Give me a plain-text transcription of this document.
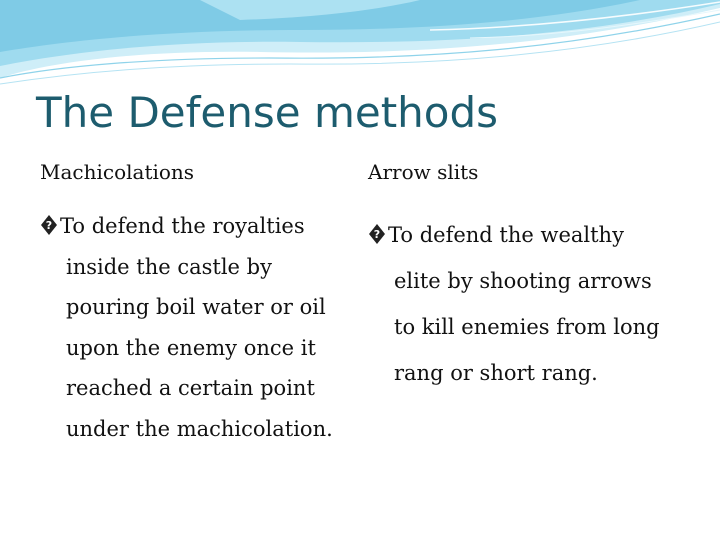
The Defense methods
Machicolations
? To defend the royalties
inside the castle by
pouring boil water or oil
upon the enemy once it
reached a certain point
under the machicolation.
Arrow slits
? To defend the wealthy
elite by shooting arrows
to kill enemies from long
rang or short rang.
